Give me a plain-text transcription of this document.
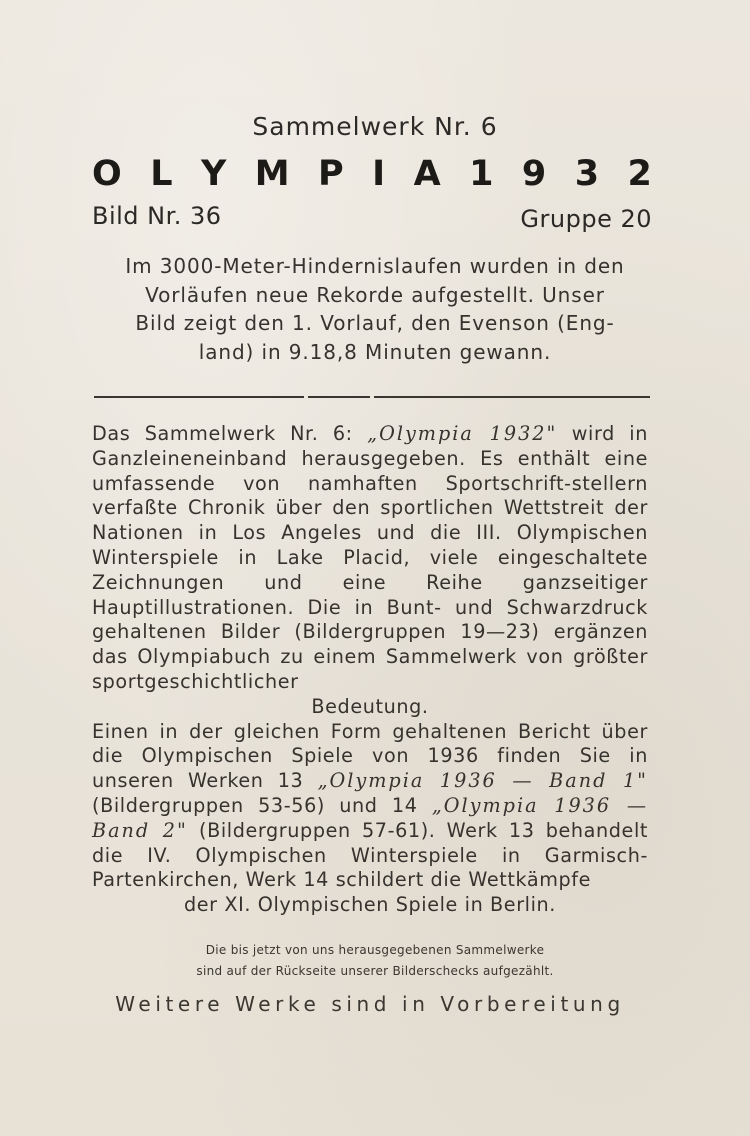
Sammelwerk Nr. 6
O L Y M P I A 1 9 3 2
Bild Nr. 36	Gruppe 20
Im 3000-Meter-Hindernislaufen wurden in den
Vorläufen neue Rekorde aufgestellt. Unser
Bild zeigt den 1. Vorlauf, den Evenson (Eng-
land) in 9.18,8 Minuten gewann.

Das Sammelwerk Nr. 6: „Olympia 1932" wird in Ganzleineneinband herausgegeben. Es enthält eine umfassende von namhaften Sportschrift-stellern verfaßte Chronik über den sportlichen Wettstreit der Nationen in Los Angeles und die III. Olympischen Winterspiele in Lake Placid, viele eingeschaltete Zeichnungen und eine Reihe ganzseitiger Hauptillustrationen. Die in Bunt- und Schwarzdruck gehaltenen Bilder (Bildergruppen 19—23) ergänzen das Olympiabuch zu einem Sammelwerk von größter sportgeschichtlicher

Bedeutung.

Einen in der gleichen Form gehaltenen Bericht über die Olympischen Spiele von 1936 finden Sie in unseren Werken 13 „Olympia 1936 — Band 1" (Bildergruppen 53-56) und 14 „Olympia 1936 — Band 2" (Bildergruppen 57-61). Werk 13 behandelt die IV. Olympischen Winterspiele in Garmisch-Partenkirchen, Werk 14 schildert die Wettkämpfe

der XI. Olympischen Spiele in Berlin.

Die bis jetzt von uns herausgegebenen Sammelwerke
sind auf der Rückseite unserer Bilderschecks aufgezählt.
Weitere Werke sind in Vorbereitung
